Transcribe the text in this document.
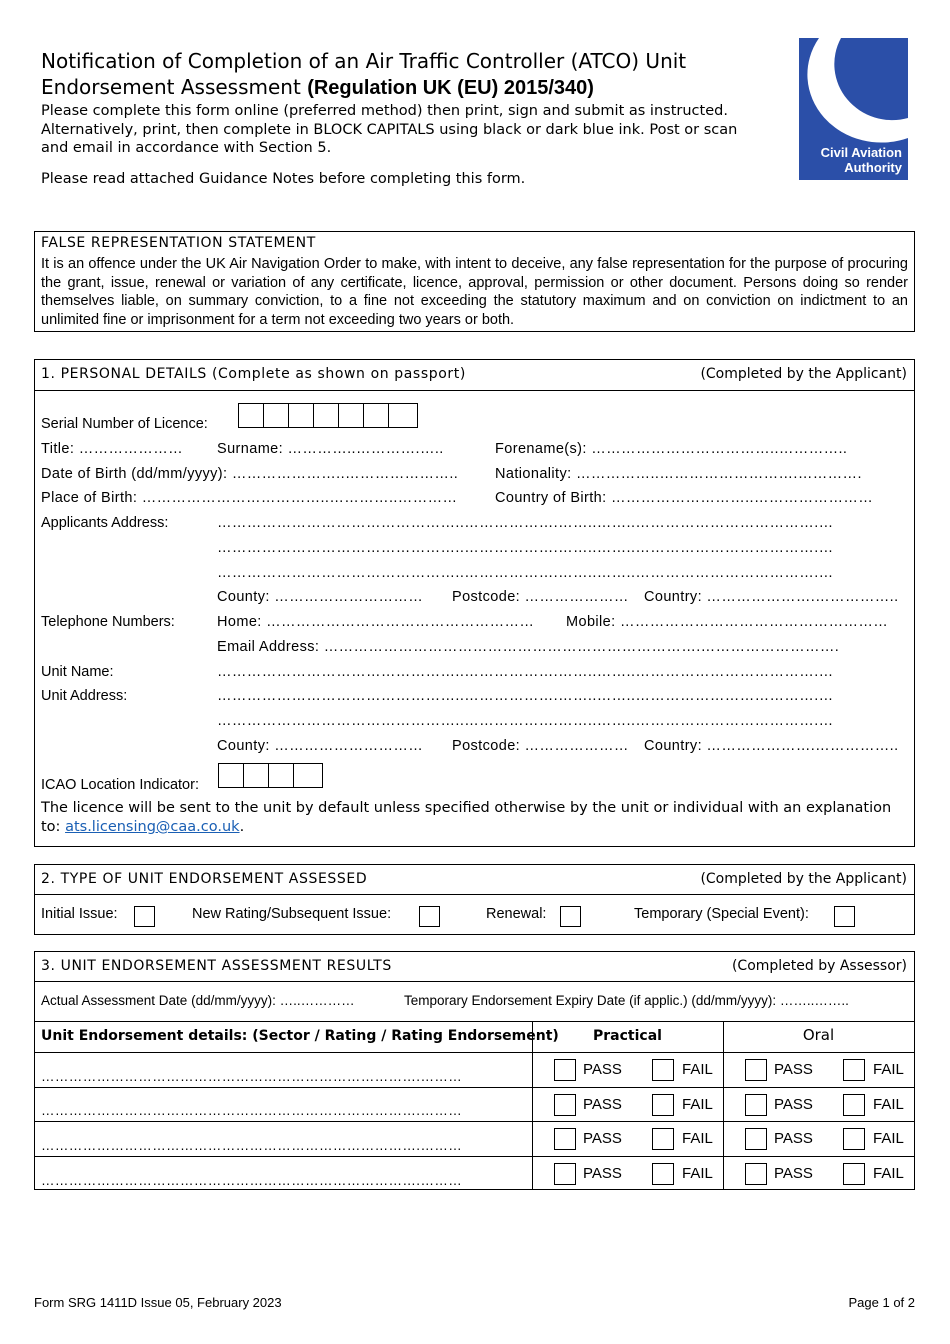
Notification of Completion of an Air Traffic Controller (ATCO) Unit Endorsement Assessment (Regulation UK (EU) 2015/340)
Please complete this form online (preferred method) then print, sign and submit as instructed. Alternatively, print, then complete in BLOCK CAPITALS using black or dark blue ink. Post or scan and email in accordance with Section 5.
Please read attached Guidance Notes before completing this form.
Civil Aviation
Authority
FALSE REPRESENTATION STATEMENT
It is an offence under the UK Air Navigation Order to make, with intent to deceive, any false representation for the purpose of procuring the grant, issue, renewal or variation of any certificate, licence, approval, permission or other document. Persons doing so render themselves liable, on summary conviction, to a fine not exceeding the statutory maximum and on conviction on indictment to an unlimited fine or imprisonment for a term not exceeding two years or both.
1. PERSONAL DETAILS (Complete as shown on passport)	(Completed by the Applicant)
Serial Number of Licence:
Title: ………………… Surname: …………..………….…..	Forename(s): ………………………………..…………..
Date of Birth (dd/mm/yyyy): …………………..…………………..	Nationality: ……………..……………………….………….
Place of Birth: ………………………………..…………..…………	Country of Birth: ………………………..……………………
Applicants Address:	…………………………………………..……………….……..……..……………………………….…
…………………………………………..……………….……..……..……………………………….…
…………………………………………..……………….……..……..……………………………….…
County: ………………………… Postcode: ………………… Country: ………………….……………..
Telephone Numbers:	Home: ……………………………………………… Mobile: ………………………………………………
Email Address: ………………………………………………………………….……………………….
Unit Name:	…………………………………………..……………….……..……..……………………………….…
Unit Address:	…………………………………………..……………….……..……..……………………………….…
…………………………………………..……………….……..……..……………………………….…
County: ………………………… Postcode: ………………… Country: ………………….……………..
ICAO Location Indicator:
The licence will be sent to the unit by default unless specified otherwise by the unit or individual with an explanation to: ats.licensing@caa.co.uk.
2. TYPE OF UNIT ENDORSEMENT ASSESSED	(Completed by the Applicant)
Initial Issue:	New Rating/Subsequent Issue:	Renewal:	Temporary (Special Event):
3. UNIT ENDORSEMENT ASSESSMENT RESULTS	(Completed by Assessor)
Actual Assessment Date (dd/mm/yyyy): …..…………	Temporary Endorsement Expiry Date (if applic.) (dd/mm/yyyy): ……..……..
Unit Endorsement details: (Sector / Rating / Rating Endorsement)	Practical	Oral
……………………………………………………………………….………	PASS	FAIL	PASS	FAIL
……………………………………………………………………….………	PASS	FAIL	PASS	FAIL
……………………………………………………………………….………	PASS	FAIL	PASS	FAIL
……………………………………………………………………….………	PASS	FAIL	PASS	FAIL
Form SRG 1411D Issue 05, February 2023	Page 1 of 2
